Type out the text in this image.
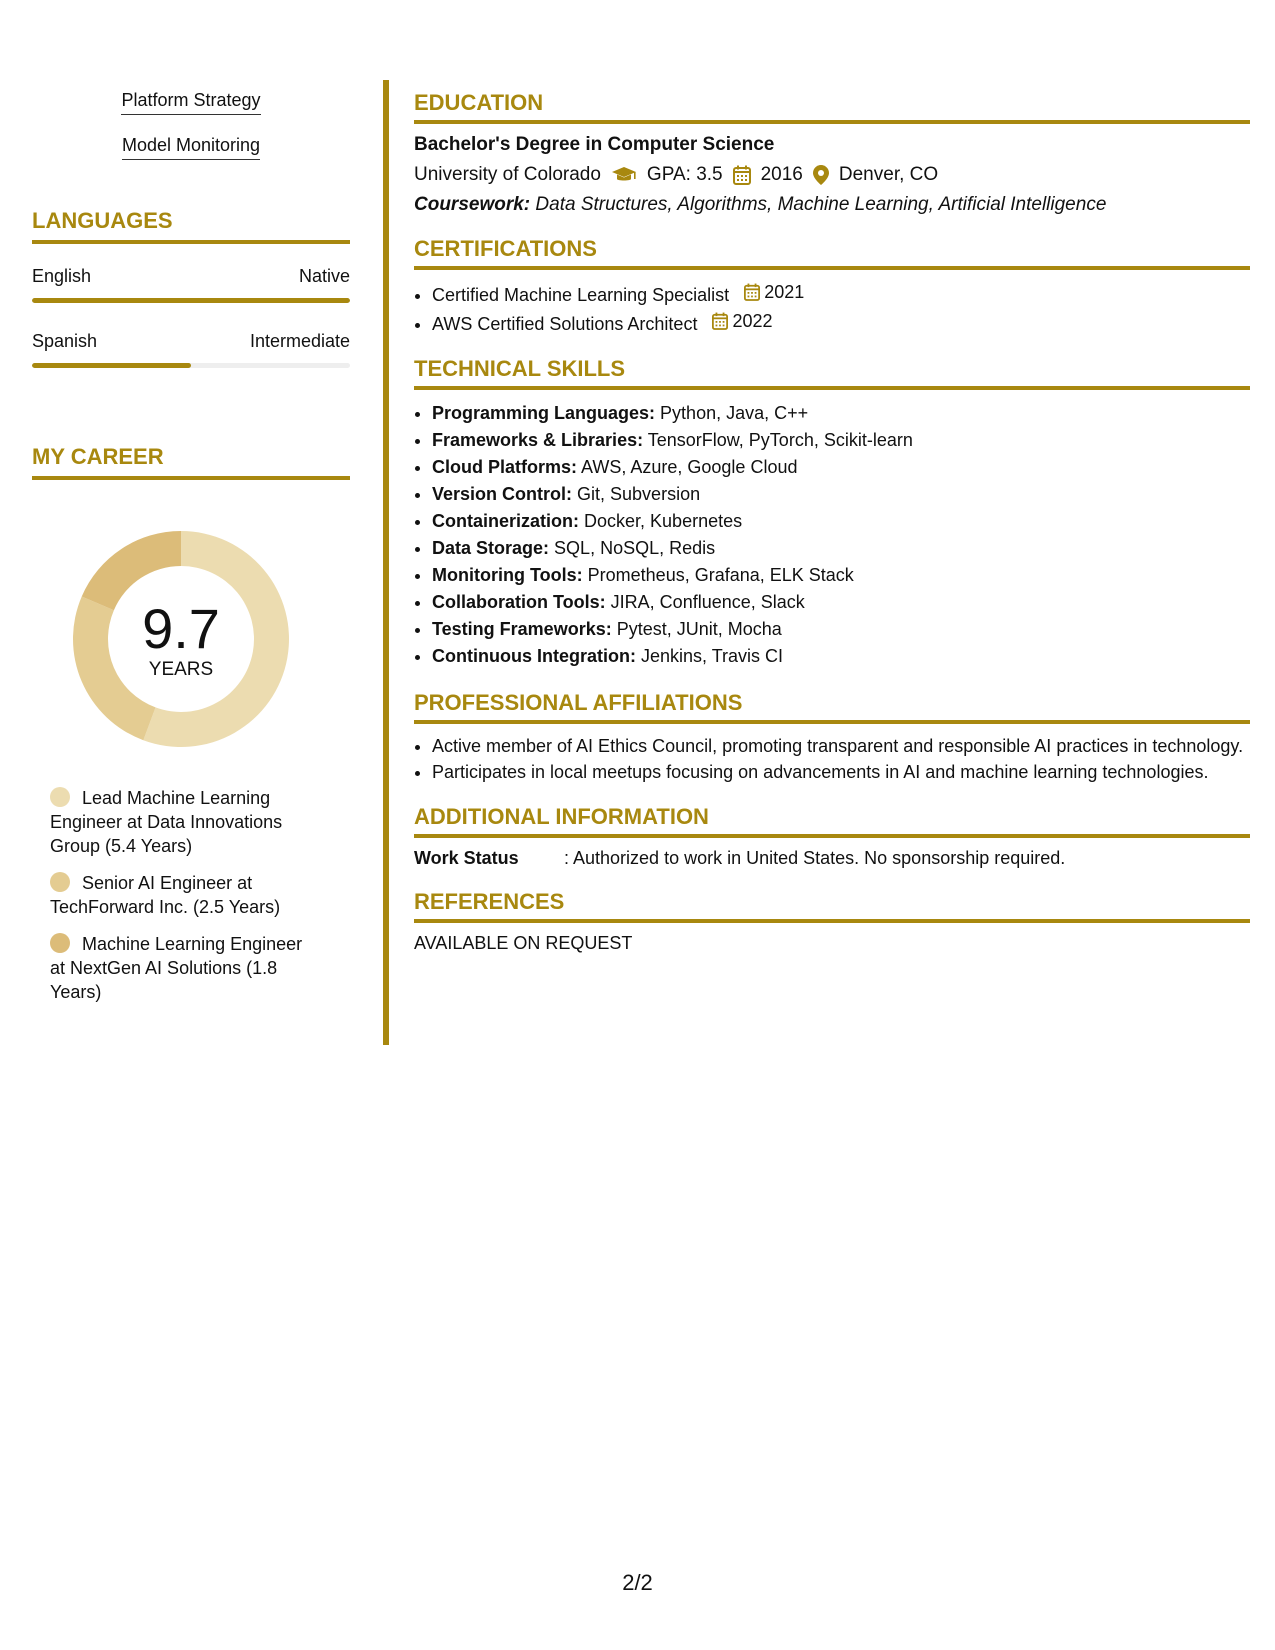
Platform Strategy
Model Monitoring
LANGUAGES
English	Native
Spanish	Intermediate
MY CAREER
9.7
YEARS
Lead Machine Learning Engineer at Data Innovations Group (5.4 Years)
Senior AI Engineer at TechForward Inc. (2.5 Years)
Machine Learning Engineer at NextGen AI Solutions (1.8 Years)
EDUCATION

Bachelor's Degree in Computer Science

University of Colorado GPA: 3.5 2016 Denver, CO
Coursework: Data Structures, Algorithms, Machine Learning, Artificial Intelligence
CERTIFICATIONS
• Certified Machine Learning Specialist 2021
• AWS Certified Solutions Architect 2022
TECHNICAL SKILLS
• Programming Languages: Python, Java, C++
• Frameworks & Libraries: TensorFlow, PyTorch, Scikit-learn
• Cloud Platforms: AWS, Azure, Google Cloud
• Version Control: Git, Subversion
• Containerization: Docker, Kubernetes
• Data Storage: SQL, NoSQL, Redis
• Monitoring Tools: Prometheus, Grafana, ELK Stack
• Collaboration Tools: JIRA, Confluence, Slack
• Testing Frameworks: Pytest, JUnit, Mocha
• Continuous Integration: Jenkins, Travis CI
PROFESSIONAL AFFILIATIONS
• Active member of AI Ethics Council, promoting transparent and responsible AI practices in technology.
• Participates in local meetups focusing on advancements in AI and machine learning technologies.
ADDITIONAL INFORMATION
Work Status	: Authorized to work in United States. No sponsorship required.
REFERENCES
AVAILABLE ON REQUEST
2/2
